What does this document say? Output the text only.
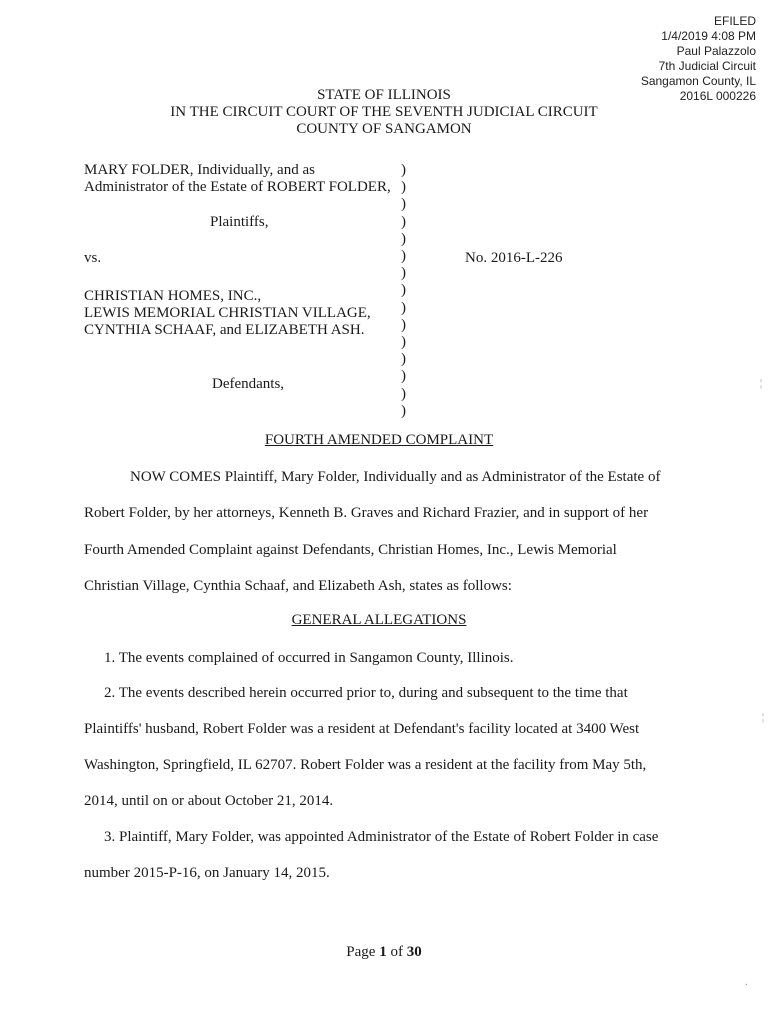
EFILED
1/4/2019 4:08 PM
Paul Palazzolo
7th Judicial Circuit
Sangamon County, IL
2016L 000226
STATE OF ILLINOIS
IN THE CIRCUIT COURT OF THE SEVENTH JUDICIAL CIRCUIT
COUNTY OF SANGAMON
MARY FOLDER, Individually, and as
Administrator of the Estate of ROBERT FOLDER,
Plaintiffs,
vs.	No. 2016-L-226
CHRISTIAN HOMES, INC.,
LEWIS MEMORIAL CHRISTIAN VILLAGE,
CYNTHIA SCHAAF, and ELIZABETH ASH.
Defendants,
)
)
)
)
)
)
)
)
)
)
)
)
)
)
)
FOURTH AMENDED COMPLAINT
NOW COMES Plaintiff, Mary Folder, Individually and as Administrator of the Estate of
Robert Folder, by her attorneys, Kenneth B. Graves and Richard Frazier, and in support of her
Fourth Amended Complaint against Defendants, Christian Homes, Inc., Lewis Memorial
Christian Village, Cynthia Schaaf, and Elizabeth Ash, states as follows:
GENERAL ALLEGATIONS
1. The events complained of occurred in Sangamon County, Illinois.
2. The events described herein occurred prior to, during and subsequent to the time that
Plaintiffs' husband, Robert Folder was a resident at Defendant's facility located at 3400 West
Washington, Springfield, IL 62707. Robert Folder was a resident at the facility from May 5th,
2014, until on or about October 21, 2014.
3. Plaintiff, Mary Folder, was appointed Administrator of the Estate of Robert Folder in case
number 2015-P-16, on January 14, 2015.
Page 1 of 30
¦
¦
·
